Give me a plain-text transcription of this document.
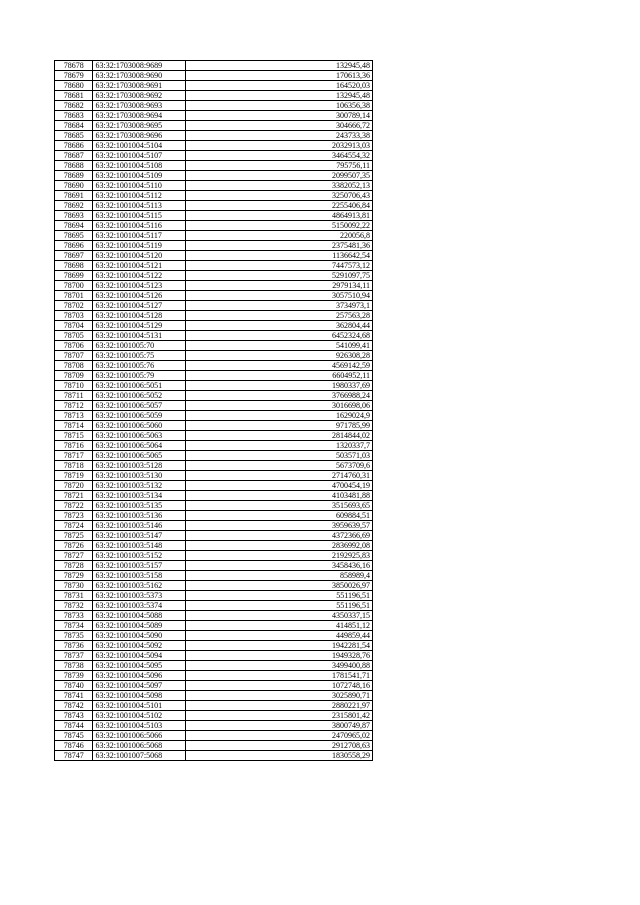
78678	63:32:1703008:9689	132945,48
78679	63:32:1703008:9690	170613,36
78680	63:32:1703008:9691	164520,03
78681	63:32:1703008:9692	132945,48
78682	63:32:1703008:9693	106356,38
78683	63:32:1703008:9694	300789,14
78684	63:32:1703008:9695	304666,72
78685	63:32:1703008:9696	243733,38
78686	63:32:1001004:5104	2032913,03
78687	63:32:1001004:5107	3464554,32
78688	63:32:1001004:5108	795756,11
78689	63:32:1001004:5109	2099507,35
78690	63:32:1001004:5110	3382052,13
78691	63:32:1001004:5112	3250706,43
78692	63:32:1001004:5113	2255406,84
78693	63:32:1001004:5115	4864913,81
78694	63:32:1001004:5116	5150092,22
78695	63:32:1001004:5117	220056,8
78696	63:32:1001004:5119	2375481,36
78697	63:32:1001004:5120	1136642,54
78698	63:32:1001004:5121	7447573,12
78699	63:32:1001004:5122	5291097,75
78700	63:32:1001004:5123	2979134,11
78701	63:32:1001004:5126	3057510,94
78702	63:32:1001004:5127	3734973,1
78703	63:32:1001004:5128	257563,28
78704	63:32:1001004:5129	362804,44
78705	63:32:1001004:5131	6452324,68
78706	63:32:1001005:70	541099,41
78707	63:32:1001005:75	926308,28
78708	63:32:1001005:76	4569142,59
78709	63:32:1001005:79	6604952,11
78710	63:32:1001006:5051	1980337,69
78711	63:32:1001006:5052	3766988,24
78712	63:32:1001006:5057	3016698,06
78713	63:32:1001006:5059	1629024,9
78714	63:32:1001006:5060	971785,99
78715	63:32:1001006:5063	2814844,02
78716	63:32:1001006:5064	1320337,7
78717	63:32:1001006:5065	503571,03
78718	63:32:1001003:5128	5673709,6
78719	63:32:1001003:5130	2714760,31
78720	63:32:1001003:5132	4700454,19
78721	63:32:1001003:5134	4103481,88
78722	63:32:1001003:5135	3515693,65
78723	63:32:1001003:5136	609884,51
78724	63:32:1001003:5146	3959639,57
78725	63:32:1001003:5147	4372366,69
78726	63:32:1001003:5148	2836992,08
78727	63:32:1001003:5152	2192925,83
78728	63:32:1001003:5157	3458436,16
78729	63:32:1001003:5158	858989,4
78730	63:32:1001003:5162	3850026,97
78731	63:32:1001003:5373	551196,51
78732	63:32:1001003:5374	551196,51
78733	63:32:1001004:5088	4350337,15
78734	63:32:1001004:5089	414851,12
78735	63:32:1001004:5090	449859,44
78736	63:32:1001004:5092	1942281,54
78737	63:32:1001004:5094	1949328,76
78738	63:32:1001004:5095	3499400,88
78739	63:32:1001004:5096	1781541,71
78740	63:32:1001004:5097	1072748,16
78741	63:32:1001004:5098	3025890,71
78742	63:32:1001004:5101	2880221,97
78743	63:32:1001004:5102	2315801,42
78744	63:32:1001004:5103	3800749,87
78745	63:32:1001006:5066	2470965,02
78746	63:32:1001006:5068	2912708,63
78747	63:32:1001007:5068	1830558,29
